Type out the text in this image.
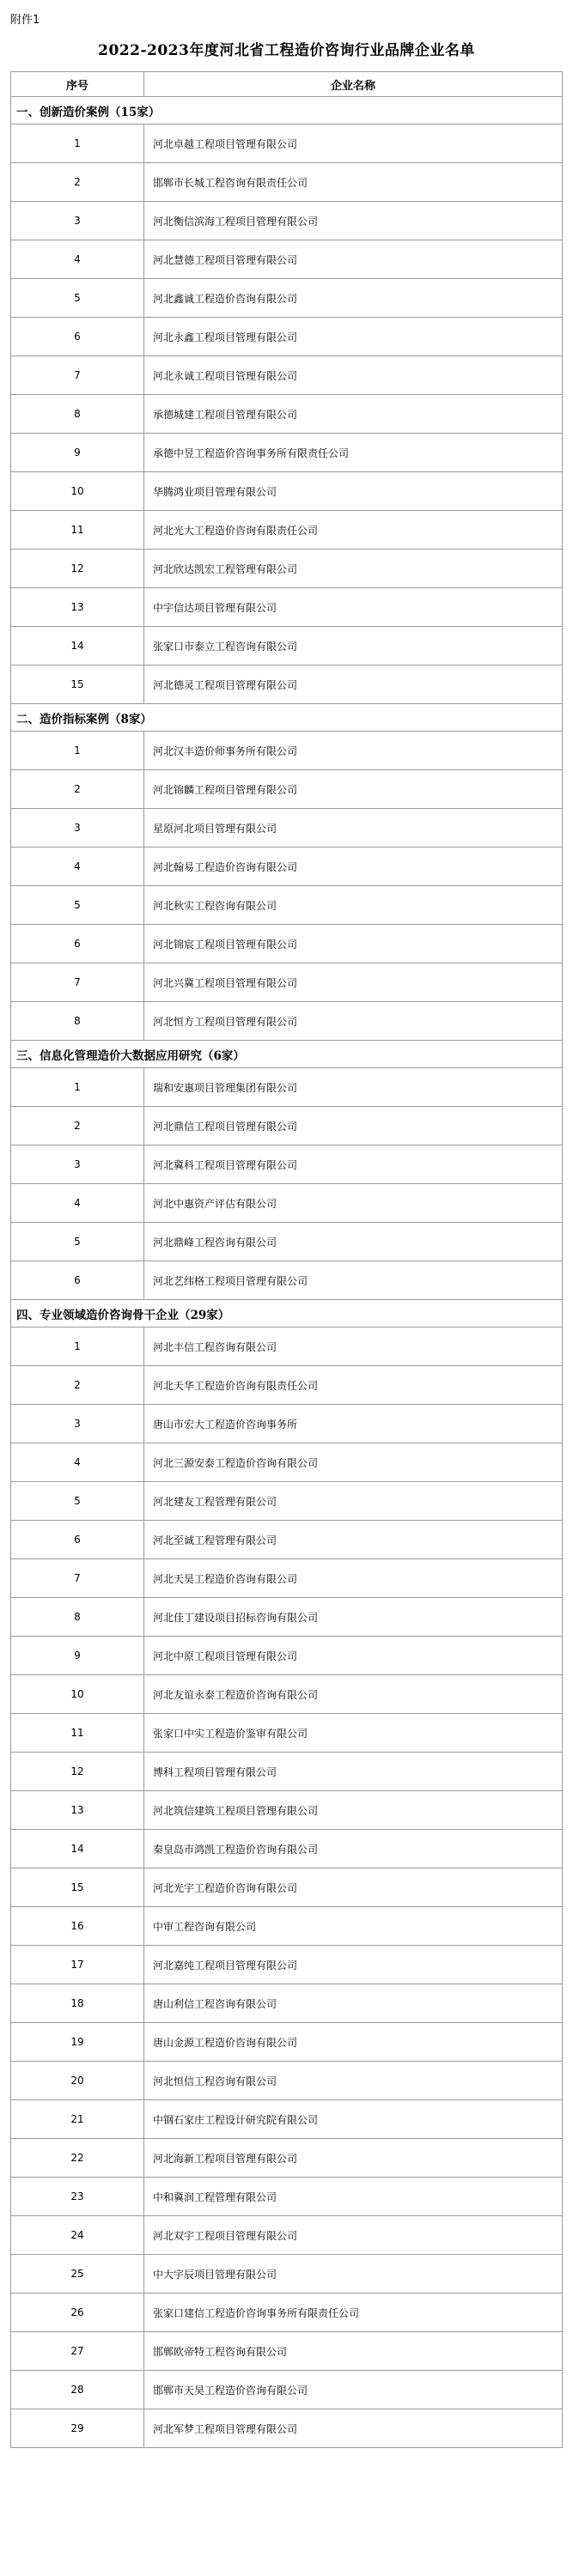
附件1
2022-2023年度河北省工程造价咨询行业品牌企业名单
序号	企业名称
一、创新造价案例（15家）	
1	河北卓越工程项目管理有限公司
2	邯郸市长城工程咨询有限责任公司
3	河北衡信滨海工程项目管理有限公司
4	河北慧德工程项目管理有限公司
5	河北鑫诚工程造价咨询有限公司
6	河北永鑫工程项目管理有限公司
7	河北永诚工程项目管理有限公司
8	承德城建工程项目管理有限公司
9	承德中昱工程造价咨询事务所有限责任公司
10	华腾鸿业项目管理有限公司
11	河北光大工程造价咨询有限责任公司
12	河北欣达凯宏工程管理有限公司
13	中宇信达项目管理有限公司
14	张家口市泰立工程咨询有限公司
15	河北德灵工程项目管理有限公司
二、造价指标案例（8家）	
1	河北汉丰造价师事务所有限公司
2	河北锦麟工程项目管理有限公司
3	星原河北项目管理有限公司
4	河北翰易工程造价咨询有限公司
5	河北秋实工程咨询有限公司
6	河北锦宸工程项目管理有限公司
7	河北兴冀工程项目管理有限公司
8	河北恒方工程项目管理有限公司
三、信息化管理造价大数据应用研究（6家）	
1	瑞和安惠项目管理集团有限公司
2	河北鼎信工程项目管理有限公司
3	河北冀科工程项目管理有限公司
4	河北中惠资产评估有限公司
5	河北鼎峰工程咨询有限公司
6	河北艺纬格工程项目管理有限公司
四、专业领域造价咨询骨干企业（29家）	
1	河北丰信工程咨询有限公司
2	河北天华工程造价咨询有限责任公司
3	唐山市宏大工程造价咨询事务所
4	河北三源安泰工程造价咨询有限公司
5	河北建友工程管理有限公司
6	河北至诚工程管理有限公司
7	河北天昊工程造价咨询有限公司
8	河北佳丁建设项目招标咨询有限公司
9	河北中原工程项目管理有限公司
10	河北友谊永泰工程造价咨询有限公司
11	张家口中实工程造价鉴审有限公司
12	博科工程项目管理有限公司
13	河北筑信建筑工程项目管理有限公司
14	秦皇岛市鸿凯工程造价咨询有限公司
15	河北光宇工程造价咨询有限公司
16	中审工程咨询有限公司
17	河北嘉纯工程项目管理有限公司
18	唐山利信工程咨询有限公司
19	唐山金源工程造价咨询有限公司
20	河北恒信工程咨询有限公司
21	中钢石家庄工程设计研究院有限公司
22	河北海新工程项目管理有限公司
23	中和冀润工程管理有限公司
24	河北双宇工程项目管理有限公司
25	中大宇辰项目管理有限公司
26	张家口建信工程造价咨询事务所有限责任公司
27	邯郸欧帝特工程咨询有限公司
28	邯郸市天昊工程造价咨询有限公司
29	河北军梦工程项目管理有限公司
